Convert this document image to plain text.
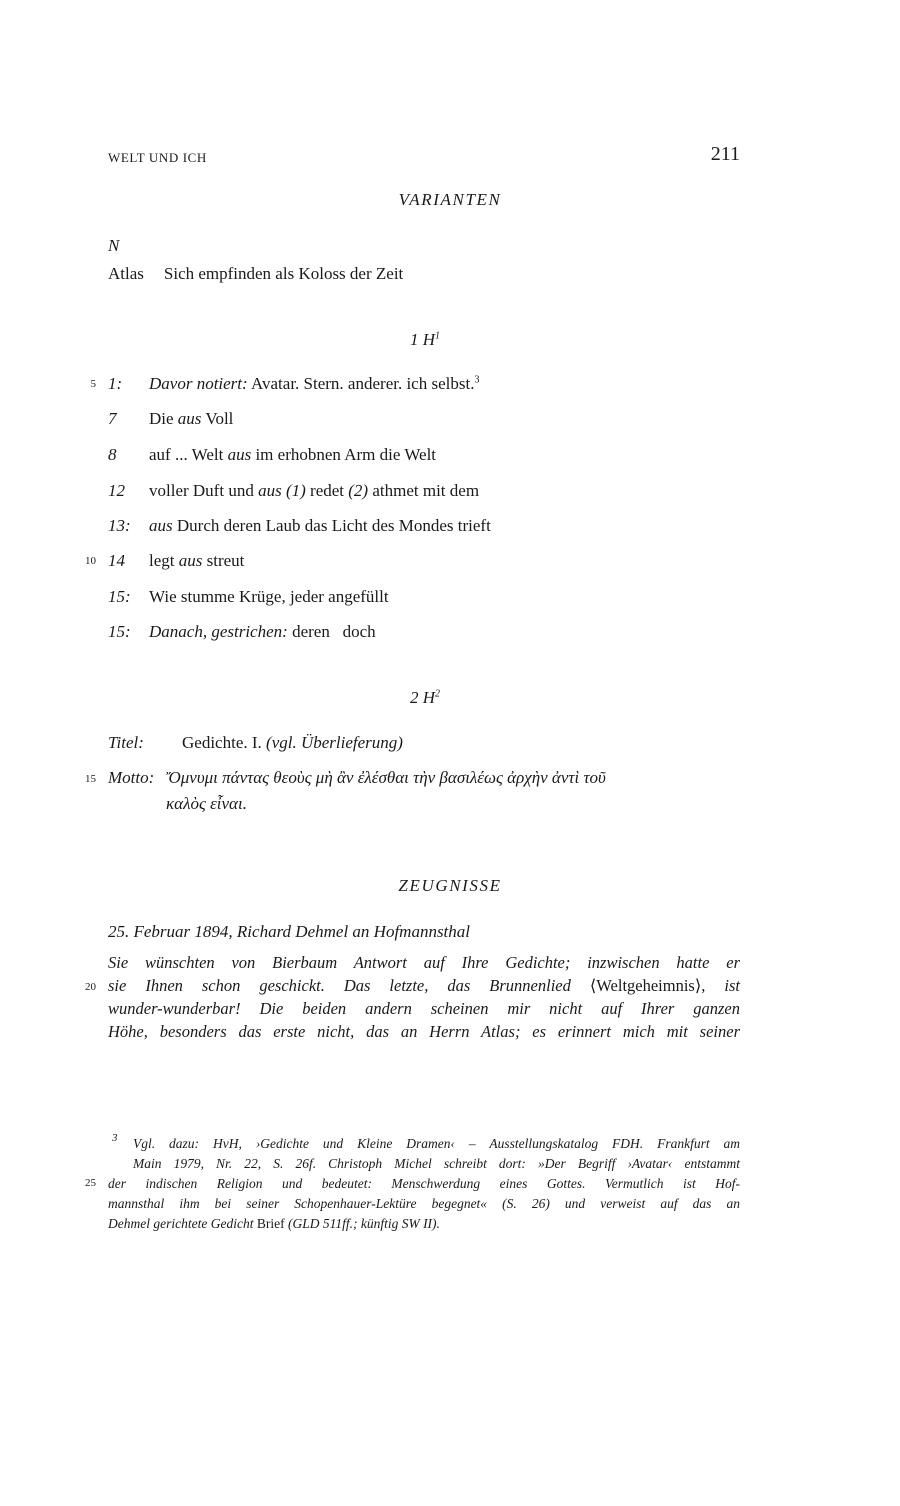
WELT UND ICH	211
VARIANTEN
N
Atlas Sich empfinden als Koloss der Zeit
1 $H^1$
1: Davor notiert: Avatar. Stern. anderer. ich selbst.$^3$
7 Die aus Voll
8 auf ... Welt aus im erhobnen Arm die Welt
12 voller Duft und aus (1) redet (2) athmet mit dem
13: aus Durch deren Laub das Licht des Mondes trieft
14 legt aus streut
15: Wie stumme Krüge, jeder angefüllt
15: Danach, gestrichen: deren   doch
2 $H^2$
Titel: Gedichte. I. (vgl. Überlieferung)
Motto: Ὄμνυμι πάντας θεοὺς μὴ ἂν ἐλέσθαι τὴν βασιλέως ἀρχὴν ἀντὶ τοῦ
καλὸς εἶναι.
ZEUGNISSE
25. Februar 1894, Richard Dehmel an Hofmannsthal
Sie wünschten von Bierbaum Antwort auf Ihre Gedichte; inzwischen hatte er
sie Ihnen schon geschickt. Das letzte, das Brunnenlied ⟨Weltgeheimnis⟩, ist
wunder-wunderbar! Die beiden andern scheinen mir nicht auf Ihrer ganzen
Höhe, besonders das erste nicht, das an Herrn Atlas; es erinnert mich mit seiner
3 Vgl. dazu: HvH, ›Gedichte und Kleine Dramen‹ – Ausstellungskatalog FDH. Frankfurt am
Main 1979, Nr. 22, S. 26f. Christoph Michel schreibt dort: »Der Begriff ›Avatar‹ entstammt
der indischen Religion und bedeutet: Menschwerdung eines Gottes. Vermutlich ist Hof-
mannsthal ihm bei seiner Schopenhauer-Lektüre begegnet« (S. 26) und verweist auf das an
Dehmel gerichtete Gedicht Brief (GLD 511ff.; künftig SW II).
5
10
15
20
25
